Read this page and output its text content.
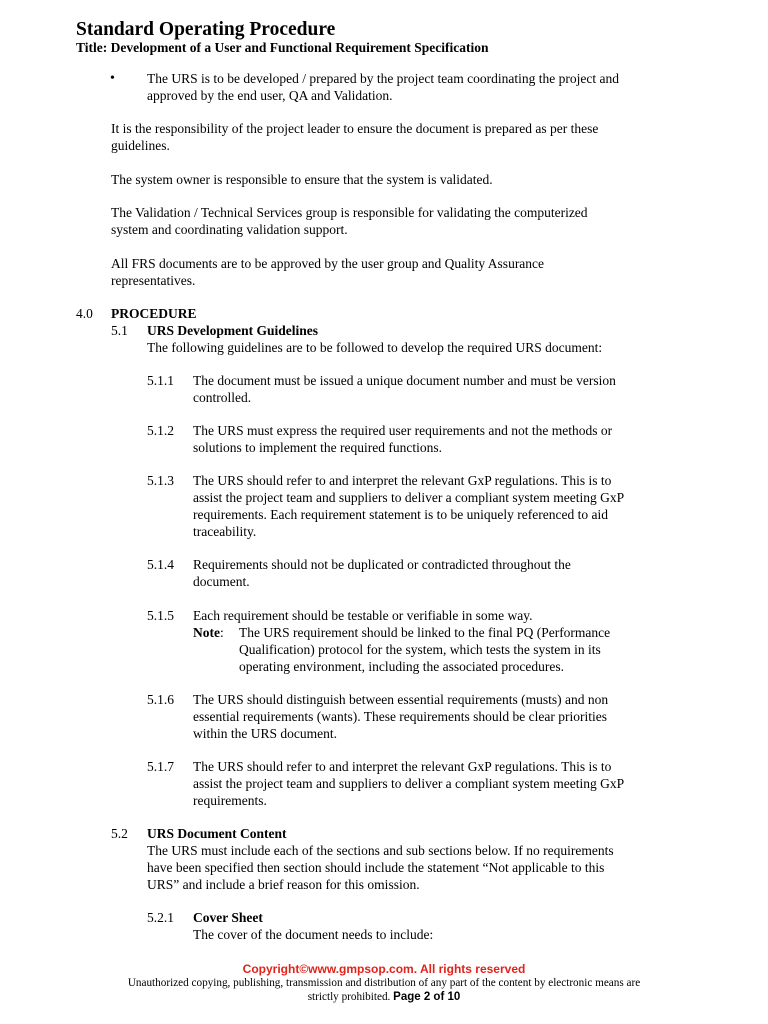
Standard Operating Procedure
Title: Development of a User and Functional Requirement Specification
• The URS is to be developed / prepared by the project team coordinating the project and
approved by the end user, QA and Validation.
It is the responsibility of the project leader to ensure the document is prepared as per these
guidelines.
The system owner is responsible to ensure that the system is validated.
The Validation / Technical Services group is responsible for validating the computerized
system and coordinating validation support.
All FRS documents are to be approved by the user group and Quality Assurance
representatives.
4.0 PROCEDURE
5.1 URS Development Guidelines
The following guidelines are to be followed to develop the required URS document:
5.1.1 The document must be issued a unique document number and must be version
controlled.
5.1.2 The URS must express the required user requirements and not the methods or
solutions to implement the required functions.
5.1.3 The URS should refer to and interpret the relevant GxP regulations. This is to
assist the project team and suppliers to deliver a compliant system meeting GxP
requirements. Each requirement statement is to be uniquely referenced to aid
traceability.
5.1.4 Requirements should not be duplicated or contradicted throughout the
document.
5.1.5 Each requirement should be testable or verifiable in some way.
Note: The URS requirement should be linked to the final PQ (Performance
Qualification) protocol for the system, which tests the system in its
operating environment, including the associated procedures.
5.1.6 The URS should distinguish between essential requirements (musts) and non
essential requirements (wants). These requirements should be clear priorities
within the URS document.
5.1.7 The URS should refer to and interpret the relevant GxP regulations. This is to
assist the project team and suppliers to deliver a compliant system meeting GxP
requirements.
5.2 URS Document Content
The URS must include each of the sections and sub sections below. If no requirements
have been specified then section should include the statement “Not applicable to this
URS” and include a brief reason for this omission.
5.2.1 Cover Sheet
The cover of the document needs to include:
Copyright©www.gmpsop.com. All rights reserved
Unauthorized copying, publishing, transmission and distribution of any part of the content by electronic means are
strictly prohibited. Page 2 of 10
